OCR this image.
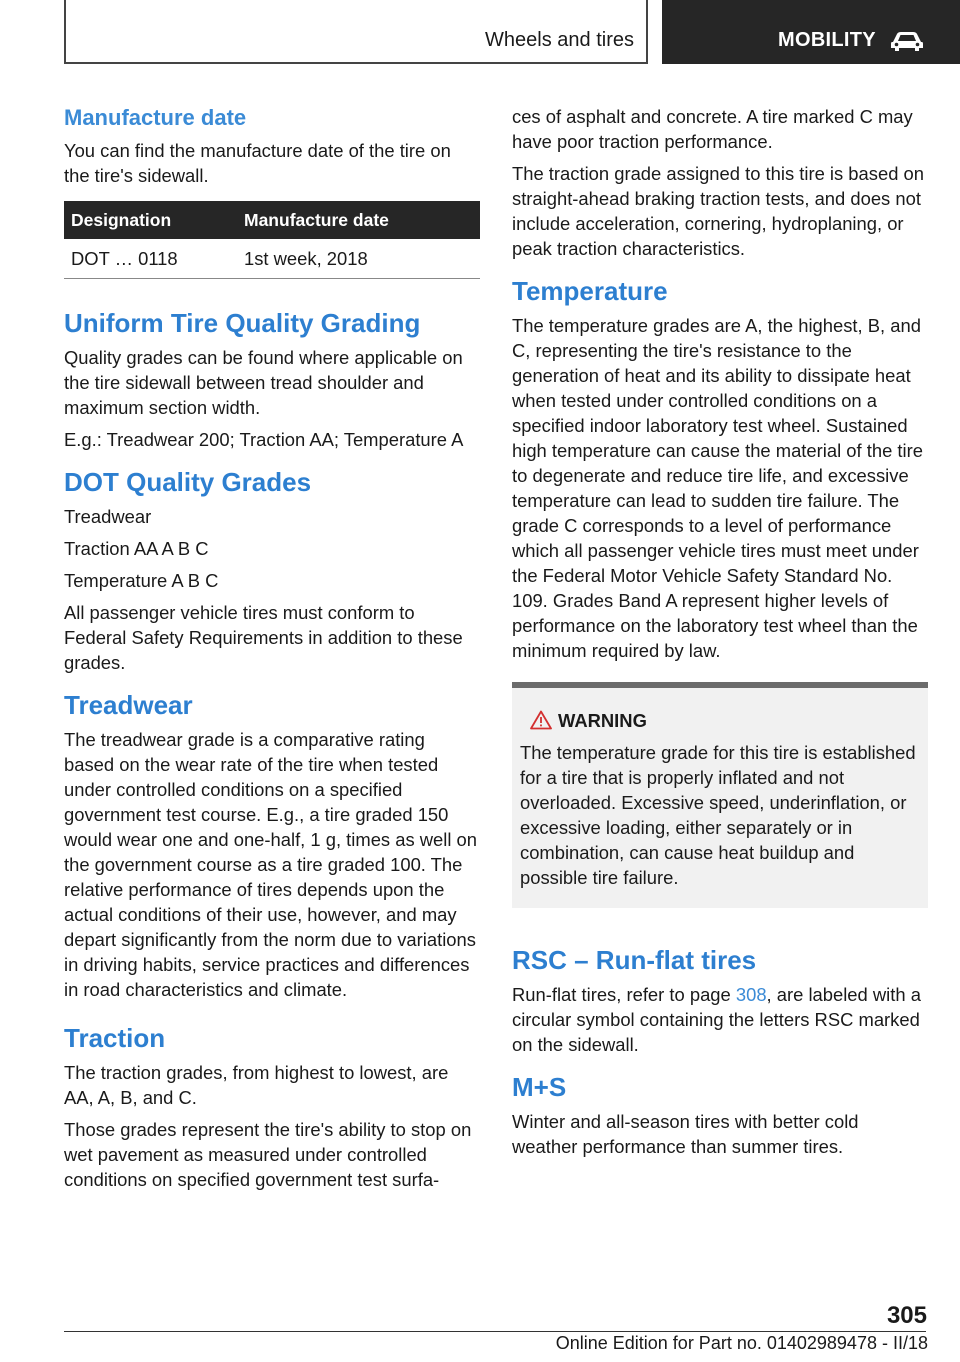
Wheels and tires	MOBILITY
Manufacture date

You can find the manufacture date of the tire on the tire's sidewall.

Designation	Manufacture date
DOT … 0118	1st week, 2018
Uniform Tire Quality Grading

Quality grades can be found where applicable on the tire sidewall between tread shoulder and maximum section width.

E.g.: Treadwear 200; Traction AA; Temperature A

DOT Quality Grades

Treadwear

Traction AA A B C

Temperature A B C

All passenger vehicle tires must conform to Federal Safety Requirements in addition to these grades.

Treadwear

The treadwear grade is a comparative rating based on the wear rate of the tire when tested under controlled conditions on a specified government test course. E.g., a tire graded 150 would wear one and one-half, 1 g, times as well on the government course as a tire graded 100. The relative performance of tires depends upon the actual conditions of their use, however, and may depart significantly from the norm due to variations in driving habits, service practices and differences in road characteristics and climate.

Traction

The traction grades, from highest to lowest, are AA, A, B, and C.

Those grades represent the tire's ability to stop on wet pavement as measured under controlled conditions on specified government test surfa-

ces of asphalt and concrete. A tire marked C may have poor traction performance.

The traction grade assigned to this tire is based on straight-ahead braking traction tests, and does not include acceleration, cornering, hydroplaning, or peak traction characteristics.

Temperature

The temperature grades are A, the highest, B, and C, representing the tire's resistance to the generation of heat and its ability to dissipate heat when tested under controlled conditions on a specified indoor laboratory test wheel. Sustained high temperature can cause the material of the tire to degenerate and reduce tire life, and excessive temperature can lead to sudden tire failure. The grade C corresponds to a level of performance which all passenger vehicle tires must meet under the Federal Motor Vehicle Safety Standard No. 109. Grades Band A represent higher levels of performance on the laboratory test wheel than the minimum required by law.

WARNING

The temperature grade for this tire is established for a tire that is properly inflated and not overloaded. Excessive speed, underinflation, or excessive loading, either separately or in combination, can cause heat buildup and possible tire failure.

RSC – Run-flat tires

Run-flat tires, refer to page 308, are labeled with a circular symbol containing the letters RSC marked on the sidewall.

M+S

Winter and all-season tires with better cold weather performance than summer tires.

305
Online Edition for Part no. 01402989478 - II/18
